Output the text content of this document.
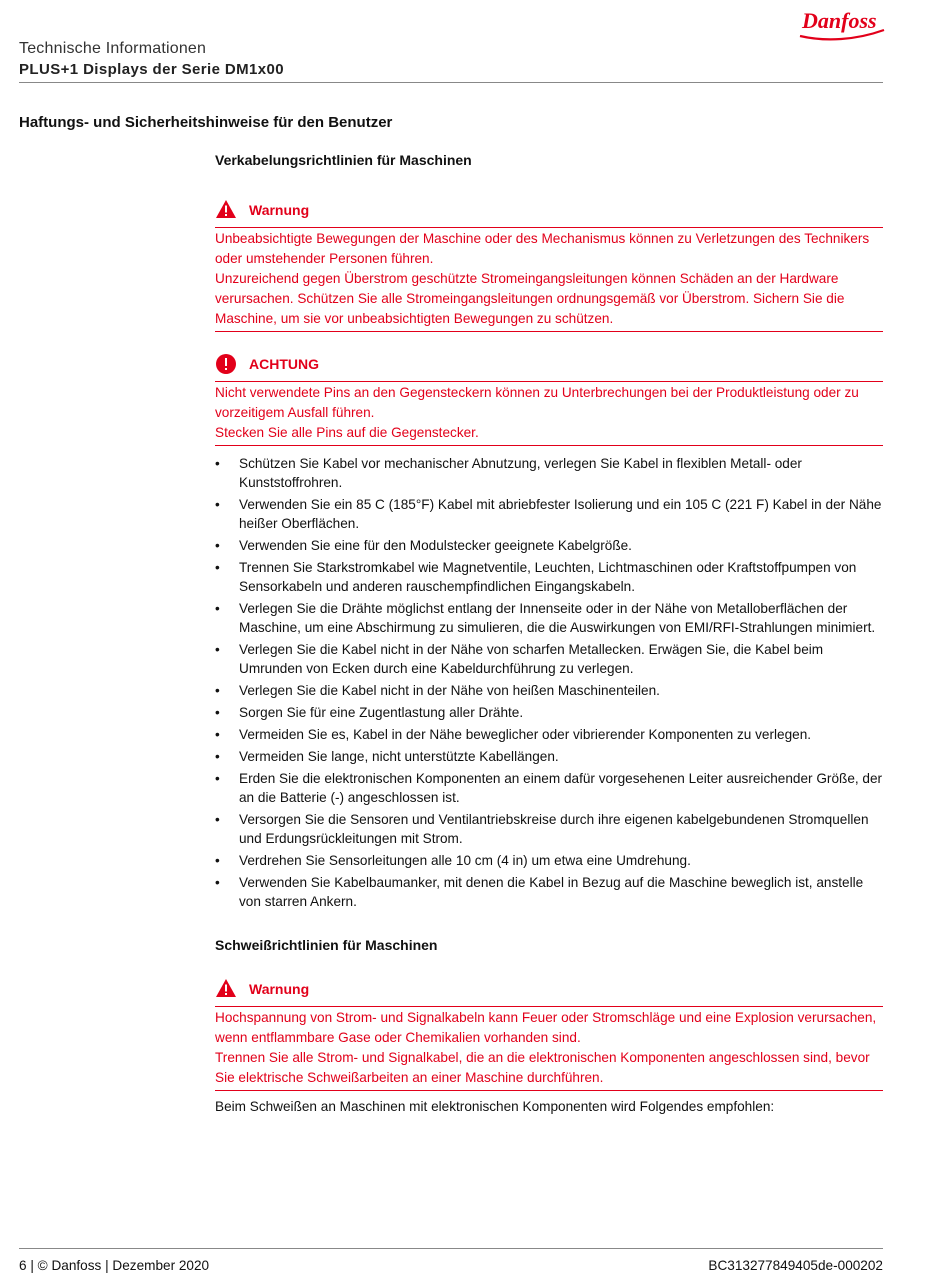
Danfoss
Technische Informationen
PLUS+1 Displays der Serie DM1x00
Haftungs- und Sicherheitshinweise für den Benutzer
Verkabelungsrichtlinien für Maschinen
Warnung

Unbeabsichtigte Bewegungen der Maschine oder des Mechanismus können zu Verletzungen des Technikers oder umstehender Personen führen.

Unzureichend gegen Überstrom geschützte Stromeingangsleitungen können Schäden an der Hardware verursachen. Schützen Sie alle Stromeingangsleitungen ordnungsgemäß vor Überstrom. Sichern Sie die Maschine, um sie vor unbeabsichtigten Bewegungen zu schützen.

ACHTUNG

Nicht verwendete Pins an den Gegensteckern können zu Unterbrechungen bei der Produktleistung oder zu vorzeitigem Ausfall führen.

Stecken Sie alle Pins auf die Gegenstecker.

• Schützen Sie Kabel vor mechanischer Abnutzung, verlegen Sie Kabel in flexiblen Metall- oder Kunststoffrohren.
• Verwenden Sie ein 85 C (185°F) Kabel mit abriebfester Isolierung und ein 105 C (221 F) Kabel in der Nähe heißer Oberflächen.
• Verwenden Sie eine für den Modulstecker geeignete Kabelgröße.
• Trennen Sie Starkstromkabel wie Magnetventile, Leuchten, Lichtmaschinen oder Kraftstoffpumpen von Sensorkabeln und anderen rauschempfindlichen Eingangskabeln.
• Verlegen Sie die Drähte möglichst entlang der Innenseite oder in der Nähe von Metalloberflächen der Maschine, um eine Abschirmung zu simulieren, die die Auswirkungen von EMI/RFI-Strahlungen minimiert.
• Verlegen Sie die Kabel nicht in der Nähe von scharfen Metallecken. Erwägen Sie, die Kabel beim Umrunden von Ecken durch eine Kabeldurchführung zu verlegen.
• Verlegen Sie die Kabel nicht in der Nähe von heißen Maschinenteilen.
• Sorgen Sie für eine Zugentlastung aller Drähte.
• Vermeiden Sie es, Kabel in der Nähe beweglicher oder vibrierender Komponenten zu verlegen.
• Vermeiden Sie lange, nicht unterstützte Kabellängen.
• Erden Sie die elektronischen Komponenten an einem dafür vorgesehenen Leiter ausreichender Größe, der an die Batterie (-) angeschlossen ist.
• Versorgen Sie die Sensoren und Ventilantriebskreise durch ihre eigenen kabelgebundenen Stromquellen und Erdungsrückleitungen mit Strom.
• Verdrehen Sie Sensorleitungen alle 10 cm (4 in) um etwa eine Umdrehung.
• Verwenden Sie Kabelbaumanker, mit denen die Kabel in Bezug auf die Maschine beweglich ist, anstelle von starren Ankern.
Schweißrichtlinien für Maschinen
Warnung

Hochspannung von Strom- und Signalkabeln kann Feuer oder Stromschläge und eine Explosion verursachen, wenn entflammbare Gase oder Chemikalien vorhanden sind.

Trennen Sie alle Strom- und Signalkabel, die an die elektronischen Komponenten angeschlossen sind, bevor Sie elektrische Schweißarbeiten an einer Maschine durchführen.

Beim Schweißen an Maschinen mit elektronischen Komponenten wird Folgendes empfohlen:

6 | © Danfoss | Dezember 2020	BC313277849405de-000202
